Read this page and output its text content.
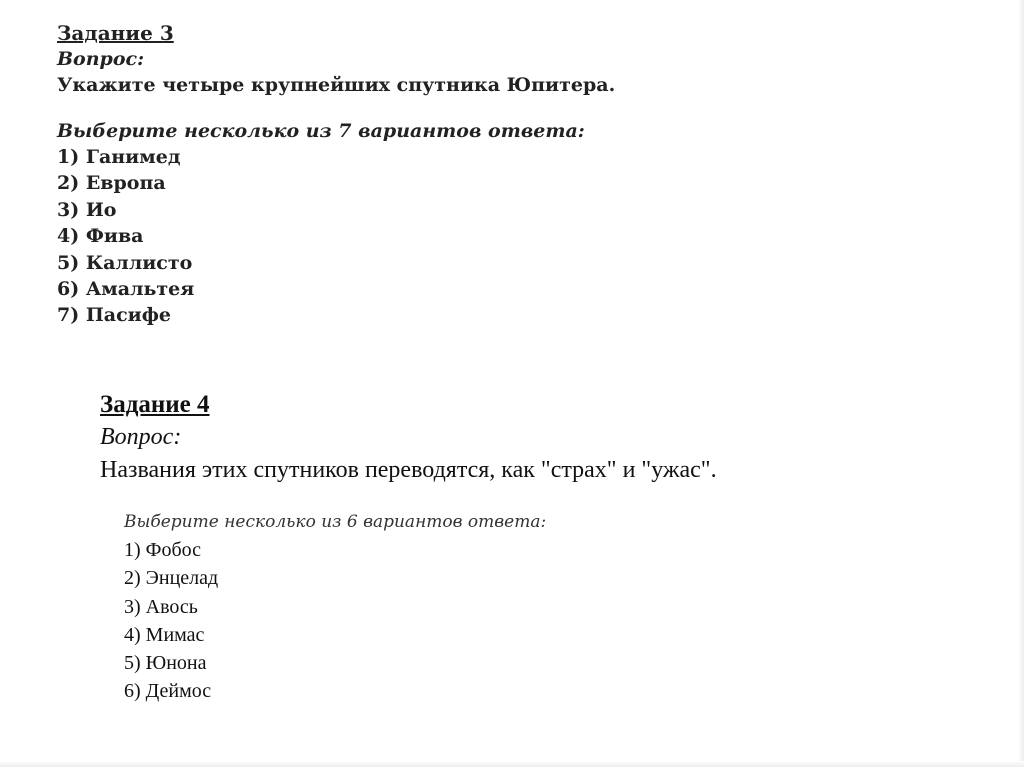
Задание 3
Вопрос:
Укажите четыре крупнейших спутника Юпитера.
Выберите несколько из 7 вариантов ответа:
1) Ганимед
2) Европа
3) Ио
4) Фива
5) Каллисто
6) Амальтея
7) Пасифе
Задание 4
Вопрос:
Названия этих спутников переводятся, как "страх" и "ужас".
Выберите несколько из 6 вариантов ответа:
1) Фобос
2) Энцелад
3) Авось
4) Мимас
5) Юнона
6) Деймос
